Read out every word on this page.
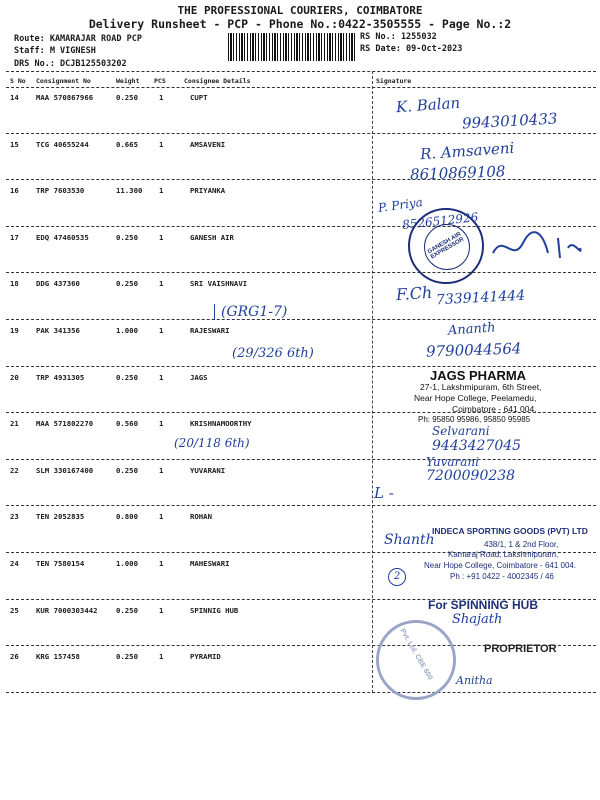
THE PROFESSIONAL COURIERS, COIMBATORE
Delivery Runsheet - PCP - Phone No.:0422-3505555 - Page No.:2
Route: KAMARAJAR ROAD PCP
Staff: M VIGNESH
DRS No.: DCJB125503202
RS No.: 1255032
RS Date: 09-Oct-2023
S No Consignment No	Weight PCS	Consignee Details	Signature
14 MAA 570867966	0.250	1	CUPT
15 TCG 40655244	0.665	1	AMSAVENI
16 TRP 7603530	11.300 1	PRIYANKA
17 EDQ 47460535	0.250	1	GANESH AIR
18 DDG 437360	0.250	1	SRI VAISHNAVI
19 PAK 341356	1.000	1	RAJESWARI
20 TRP 4931305	0.250	1	JAGS
21 MAA 571802270	0.560	1	KRISHNAMOORTHY
22 SLM 330167400	0.250	1	YUVARANI
23 TEN 2052835	0.800	1	ROHAN
24 TEN 7580154	1.000	1	MAHESWARI
25 KUR 7000303442	0.250	1	SPINNIG HUB
26 KRG 157458	0.250	1	PYRAMID
K. Balan
9943010433
R. Amsaveni
8610869108
P. Priya
8526512926
GANESH AIR EXPRESSOR
F.Ch 7339141444
(GRG1-7)
(29/326 6th)
Ananth
9790044564
JAGS PHARMA
27-1, Lakshmipuram, 6th Street,
Near Hope College, Peelamedu,
Coimbatore - 641 004.
Ph: 95850 95986, 95850 95985
(20/118 6th)
Selvarani
9443427045
Yuvarani
7200090238
L -
INDECA SPORTING GOODS (PVT) LTD
438/1, 1 & 2nd Floor,
Kamaraj Road, Lakshmipuram,
Near Hope College, Coimbatore - 641 004.
Ph : +91 0422 - 4002345 / 46
Shanth
2
For SPINNING HUB
Shajath
PROPRIETOR
Pvt. Ltd. CBE 600	Anitha
